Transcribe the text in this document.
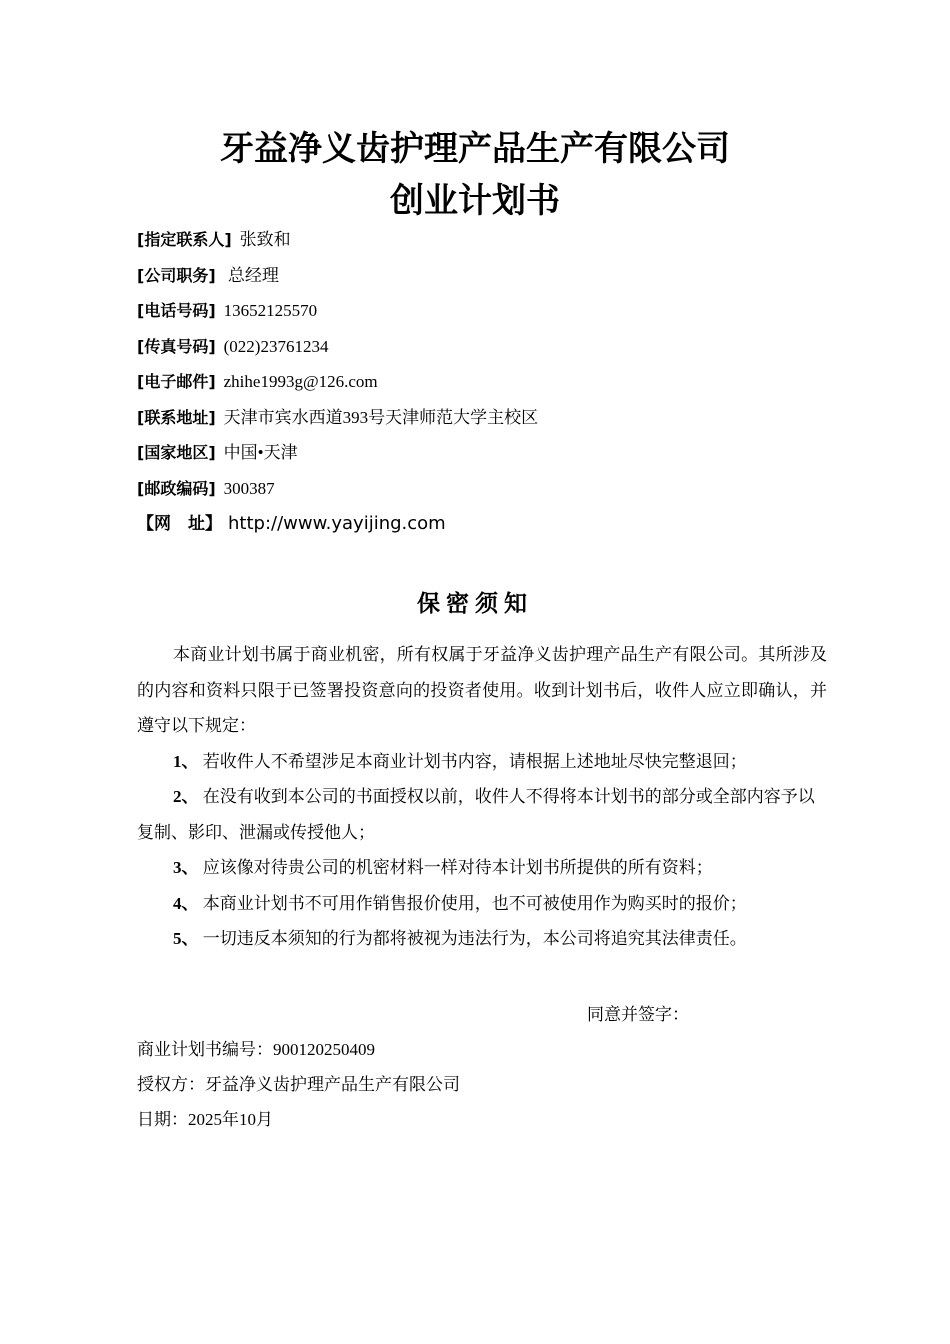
牙益净义齿护理产品生产有限公司
创业计划书
[指定联系人] 张致和
[公司职务] 总经理
[电话号码] 13652125570
[传真号码] (022)23761234
[电子邮件] zhihe1993g@126.com
[联系地址] 天津市宾水西道393号天津师范大学主校区
[国家地区] 中国•天津
[邮政编码] 300387
【网　址】 http://www.yayijing.com
保密须知

本商业计划书属于商业机密，所有权属于牙益净义齿护理产品生产有限公司。其所涉及的内容和资料只限于已签署投资意向的投资者使用。收到计划书后，收件人应立即确认，并遵守以下规定：

1、 若收件人不希望涉足本商业计划书内容，请根据上述地址尽快完整退回；

2、 在没有收到本公司的书面授权以前，收件人不得将本计划书的部分或全部内容予以复制、影印、泄漏或传授他人；

3、 应该像对待贵公司的机密材料一样对待本计划书所提供的所有资料；

4、 本商业计划书不可用作销售报价使用，也不可被使用作为购买时的报价；

5、 一切违反本须知的行为都将被视为违法行为，本公司将追究其法律责任。

同意并签字：
商业计划书编号：900120250409
授权方：牙益净义齿护理产品生产有限公司
日期：2025年10月
